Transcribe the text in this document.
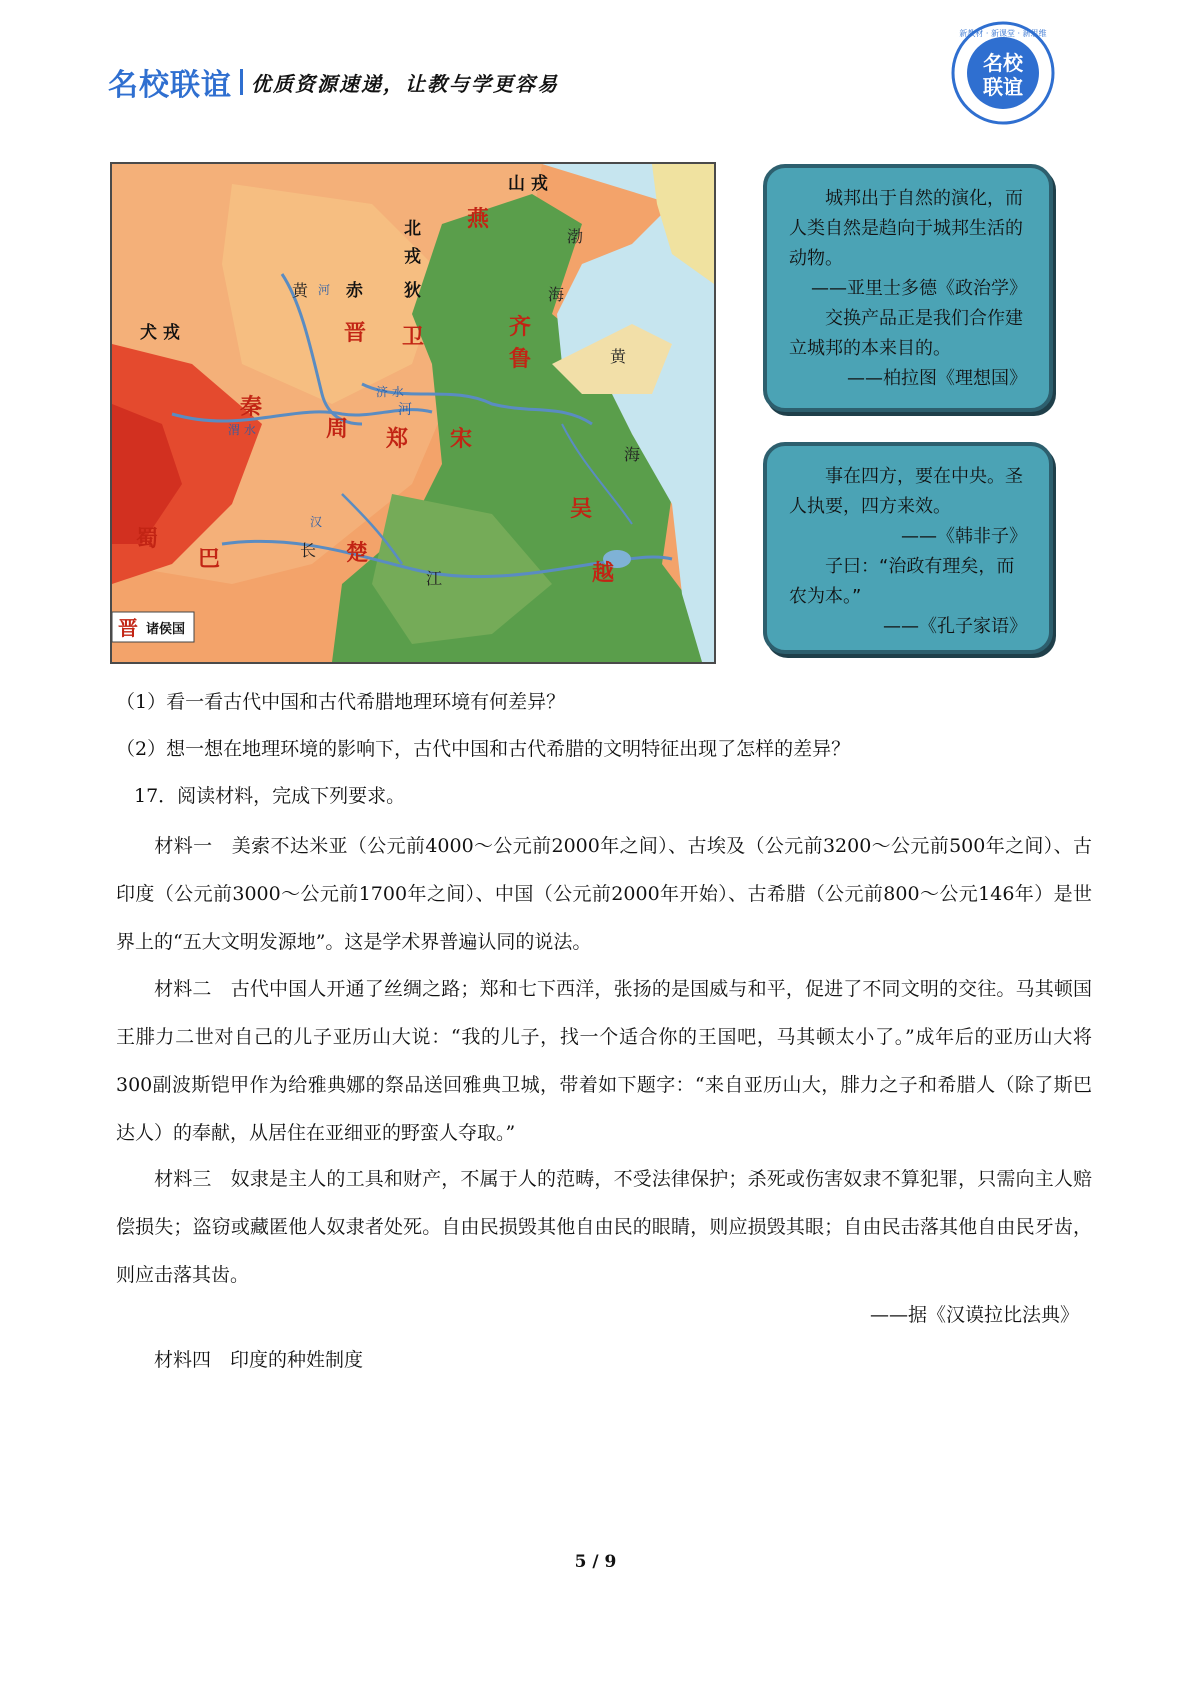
名校联谊 优质资源速递，让教与学更容易
名校
联谊
新教材 · 新课堂 · 新思维
山 戎
燕
北
戎
狄
赤
黄 河
犬 戎	晋 卫	齐
鲁
渤
海
黄
海
秦
周 郑 宋
渭 水
济 水
河
蜀
巴	楚
长
江
汉	吴
越
晋 诸侯国

城邦出于自然的演化，而人类自然是趋向于城邦生活的动物。

——亚里士多德《政治学》

交换产品正是我们合作建立城邦的本来目的。

——柏拉图《理想国》

事在四方，要在中央。圣人执要，四方来效。

——《韩非子》

子曰：“治政有理矣，而农为本。”

——《孔子家语》

（1）看一看古代中国和古代希腊地理环境有何差异？
（2）想一想在地理环境的影响下，古代中国和古代希腊的文明特征出现了怎样的差异？
17．阅读材料，完成下列要求。
材料一　美索不达米亚（公元前4000～公元前2000年之间）、古埃及（公元前3200～公元前500年之间）、古印度（公元前3000～公元前1700年之间）、中国（公元前2000年开始）、古希腊（公元前800～公元146年）是世界上的“五大文明发源地”。这是学术界普遍认同的说法。
材料二　古代中国人开通了丝绸之路；郑和七下西洋，张扬的是国威与和平，促进了不同文明的交往。马其顿国王腓力二世对自己的儿子亚历山大说：“我的儿子，找一个适合你的王国吧，马其顿太小了。”成年后的亚历山大将300副波斯铠甲作为给雅典娜的祭品送回雅典卫城，带着如下题字：“来自亚历山大，腓力之子和希腊人（除了斯巴达人）的奉献，从居住在亚细亚的野蛮人夺取。”
材料三　奴隶是主人的工具和财产，不属于人的范畴，不受法律保护；杀死或伤害奴隶不算犯罪，只需向主人赔偿损失；盗窃或藏匿他人奴隶者处死。自由民损毁其他自由民的眼睛，则应损毁其眼；自由民击落其他自由民牙齿，则应击落其齿。
——据《汉谟拉比法典》
材料四　印度的种姓制度
5 / 9
